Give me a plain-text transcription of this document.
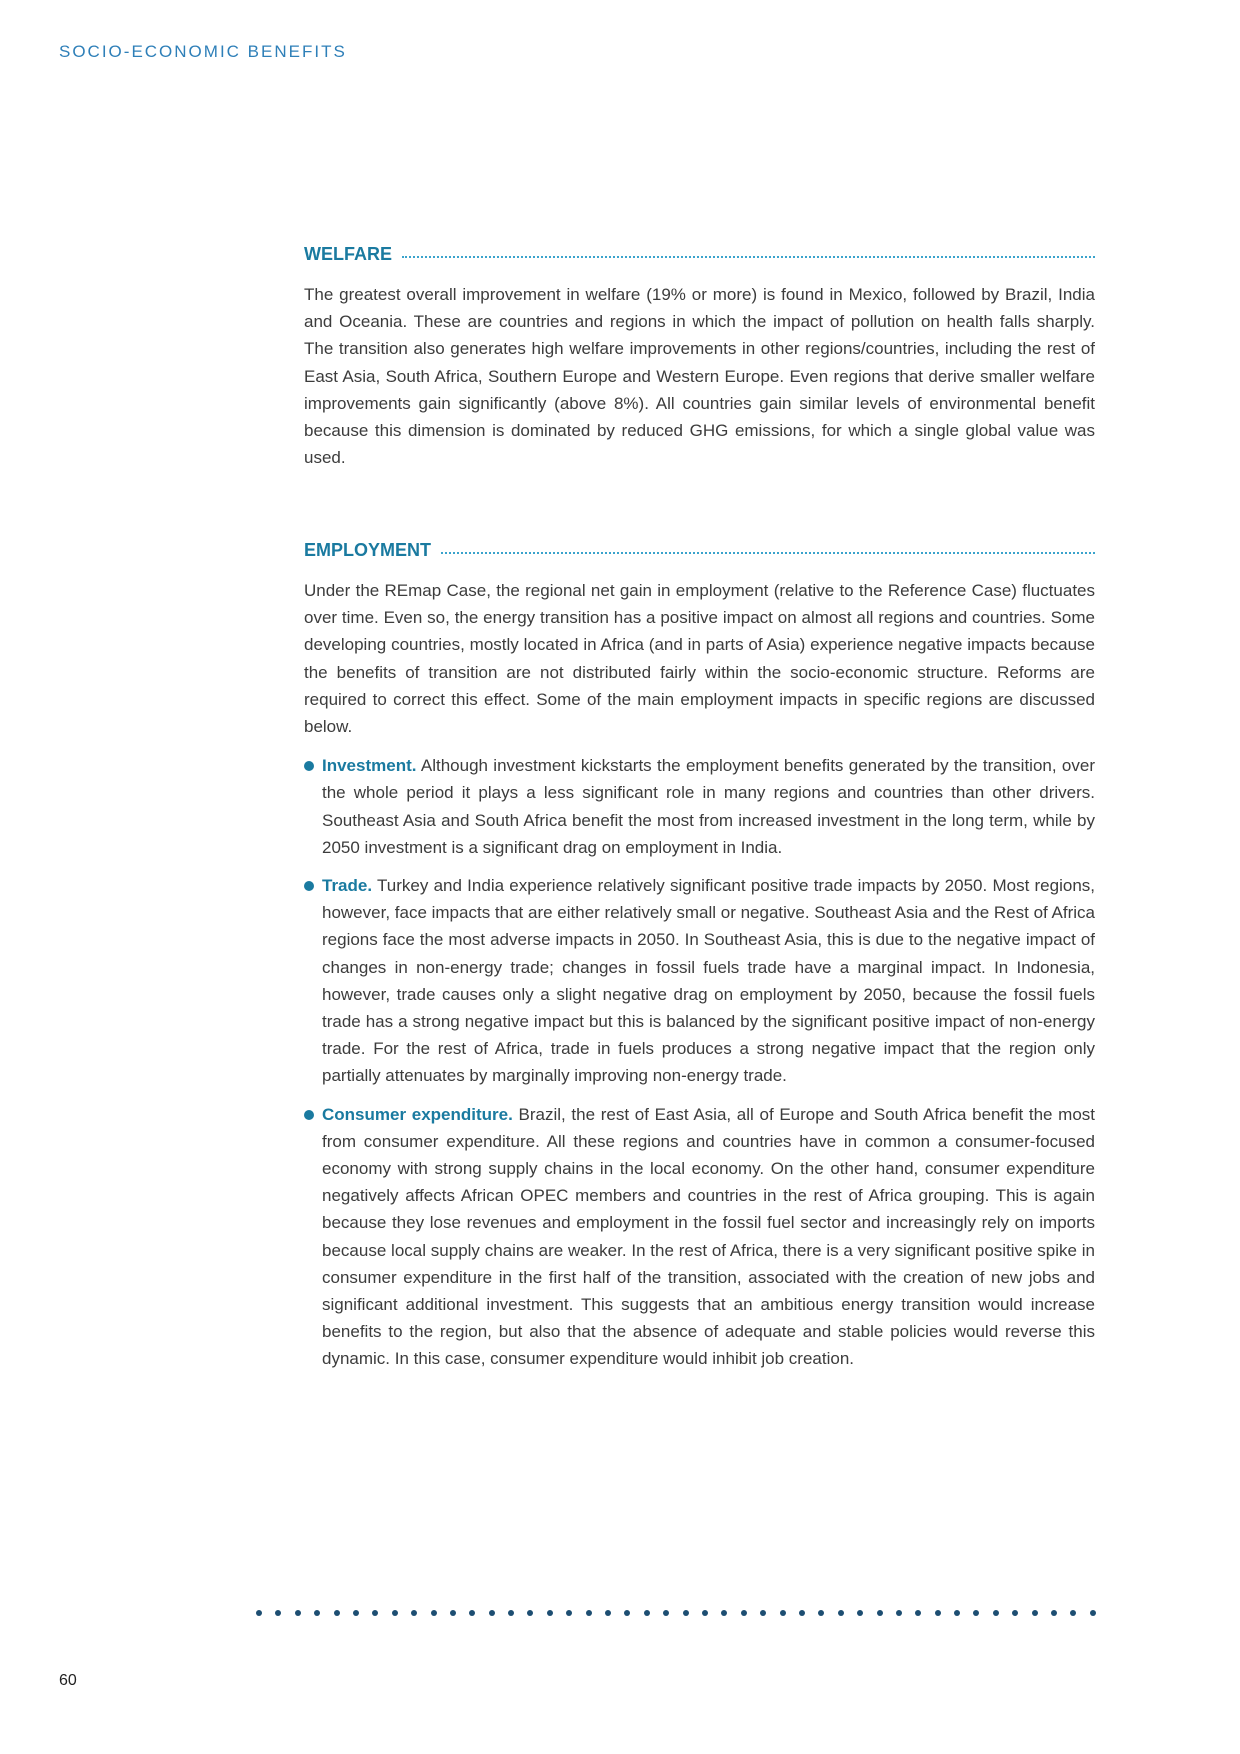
SOCIO-ECONOMIC BENEFITS
WELFARE

The greatest overall improvement in welfare (19% or more) is found in Mexico, followed by Brazil, India and Oceania. These are countries and regions in which the impact of pollution on health falls sharply. The transition also generates high welfare improvements in other regions/countries, including the rest of East Asia, South Africa, Southern Europe and Western Europe. Even regions that derive smaller welfare improvements gain significantly (above 8%). All countries gain similar levels of environmental benefit because this dimension is dominated by reduced GHG emissions, for which a single global value was used.

EMPLOYMENT

Under the REmap Case, the regional net gain in employment (relative to the Reference Case) fluctuates over time. Even so, the energy transition has a positive impact on almost all regions and countries. Some developing countries, mostly located in Africa (and in parts of Asia) experience negative impacts because the benefits of transition are not distributed fairly within the socio-economic structure. Reforms are required to correct this effect. Some of the main employment impacts in specific regions are discussed below.

Investment. Although investment kickstarts the employment benefits generated by the transition, over the whole period it plays a less significant role in many regions and countries than other drivers. Southeast Asia and South Africa benefit the most from increased investment in the long term, while by 2050 investment is a significant drag on employment in India.
Trade. Turkey and India experience relatively significant positive trade impacts by 2050. Most regions, however, face impacts that are either relatively small or negative. Southeast Asia and the Rest of Africa regions face the most adverse impacts in 2050. In Southeast Asia, this is due to the negative impact of changes in non-energy trade; changes in fossil fuels trade have a marginal impact. In Indonesia, however, trade causes only a slight negative drag on employment by 2050, because the fossil fuels trade has a strong negative impact but this is balanced by the significant positive impact of non-energy trade. For the rest of Africa, trade in fuels produces a strong negative impact that the region only partially attenuates by marginally improving non-energy trade.
Consumer expenditure. Brazil, the rest of East Asia, all of Europe and South Africa benefit the most from consumer expenditure. All these regions and countries have in common a consumer-focused economy with strong supply chains in the local economy. On the other hand, consumer expenditure negatively affects African OPEC members and countries in the rest of Africa grouping. This is again because they lose revenues and employment in the fossil fuel sector and increasingly rely on imports because local supply chains are weaker. In the rest of Africa, there is a very significant positive spike in consumer expenditure in the first half of the transition, associated with the creation of new jobs and significant additional investment. This suggests that an ambitious energy transition would increase benefits to the region, but also that the absence of adequate and stable policies would reverse this dynamic. In this case, consumer expenditure would inhibit job creation.
60
